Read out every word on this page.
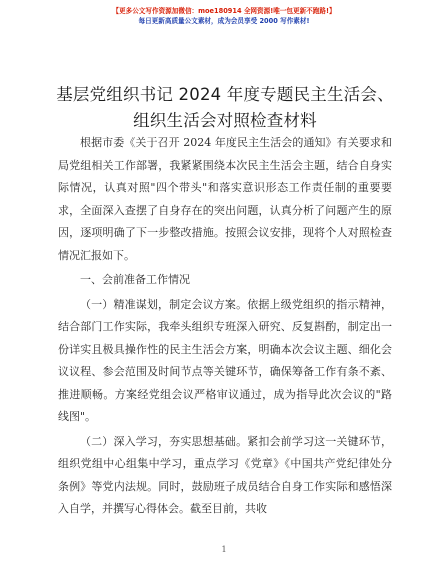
【更多公文写作资源加微信：moe180914 全网资源!唯一包更新不跑路!】
每日更新高质量公文素材，成为会员享受 2000 写作素材!
基层党组织书记 2024 年度专题民主生活会、组织生活会对照检查材料

根据市委《关于召开 2024 年度民主生活会的通知》有关要求和局党组相关工作部署，我紧紧围绕本次民主生活会主题，结合自身实际情况，认真对照"四个带头"和落实意识形态工作责任制的重要要求，全面深入查摆了自身存在的突出问题，认真分析了问题产生的原因，逐项明确了下一步整改措施。按照会议安排，现将个人对照检查情况汇报如下。

一、会前准备工作情况

（一）精准谋划，制定会议方案。依据上级党组织的指示精神，结合部门工作实际，我牵头组织专班深入研究、反复斟酌，制定出一份详实且极具操作性的民主生活会方案，明确本次会议主题、细化会议议程、参会范围及时间节点等关键环节，确保筹备工作有条不紊、推进顺畅。方案经党组会议严格审议通过，成为指导此次会议的"路线图"。

（二）深入学习，夯实思想基础。紧扣会前学习这一关键环节，组织党组中心组集中学习，重点学习《党章》《中国共产党纪律处分条例》等党内法规。同时，鼓励班子成员结合自身工作实际和感悟深入自学，并撰写心得体会。截至目前，共收

1
